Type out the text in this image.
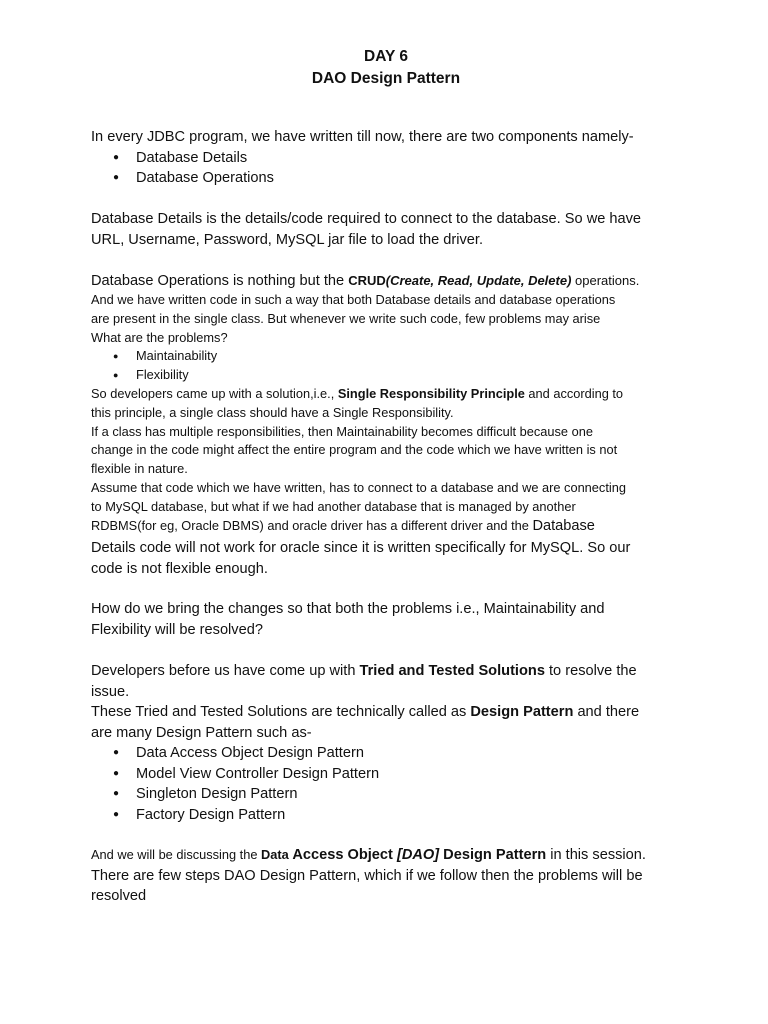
DAY 6
DAO Design Pattern

In every JDBC program, we have written till now, there are two components namely-

● Database Details
● Database Operations

Database Details is the details/code required to connect to the database. So we have

URL, Username, Password, MySQL jar file to load the driver.

Database Operations is nothing but the CRUD(Create, Read, Update, Delete) operations.

And we have written code in such a way that both Database details and database operations

are present in the single class. But whenever we write such code, few problems may arise

What are the problems?

● Maintainability
● Flexibility

So developers came up with a solution,i.e., Single Responsibility Principle and according to

this principle, a single class should have a Single Responsibility.

If a class has multiple responsibilities, then Maintainability becomes difficult because one

change in the code might affect the entire program and the code which we have written is not

flexible in nature.

Assume that code which we have written, has to connect to a database and we are connecting

to MySQL database, but what if we had another database that is managed by another

RDBMS(for eg, Oracle DBMS) and oracle driver has a different driver and the Database

Details code will not work for oracle since it is written specifically for MySQL. So our

code is not flexible enough.

How do we bring the changes so that both the problems i.e., Maintainability and

Flexibility will be resolved?

Developers before us have come up with Tried and Tested Solutions to resolve the

issue.

These Tried and Tested Solutions are technically called as Design Pattern and there

are many Design Pattern such as-

● Data Access Object Design Pattern
● Model View Controller Design Pattern
● Singleton Design Pattern
● Factory Design Pattern

And we will be discussing the Data Access Object [DAO] Design Pattern in this session.

There are few steps DAO Design Pattern, which if we follow then the problems will be

resolved
